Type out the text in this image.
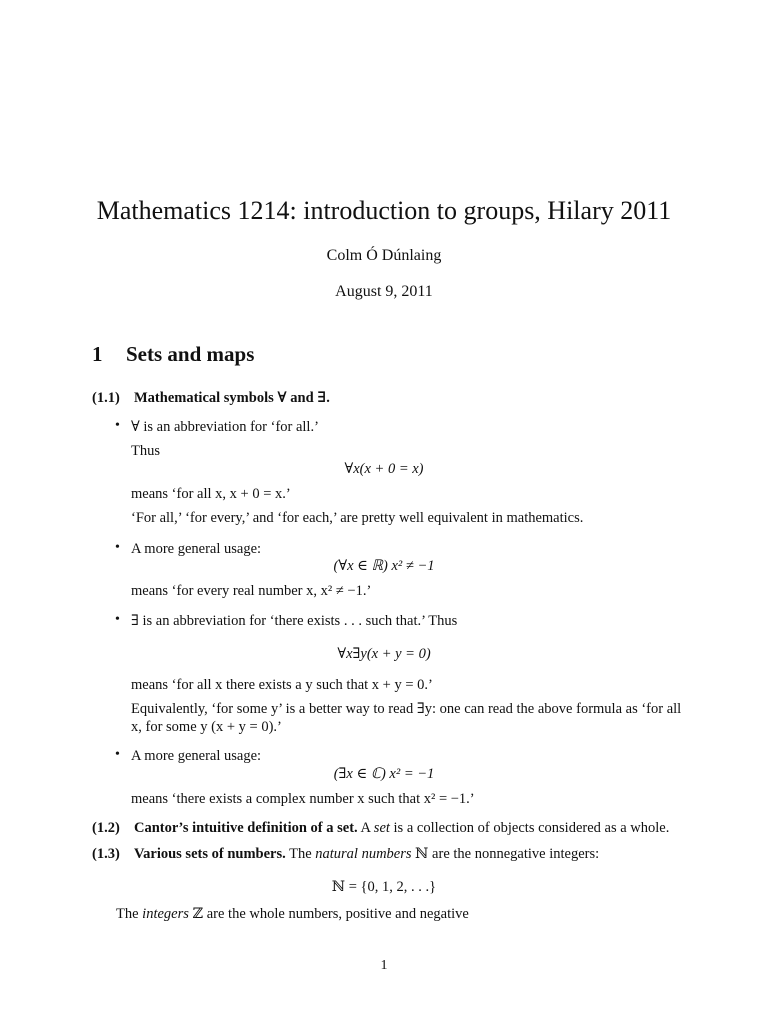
Mathematics 1214: introduction to groups, Hilary 2011
Colm Ó Dúnlaing
August 9, 2011
1 Sets and maps
(1.1) Mathematical symbols ∀ and ∃.
• ∀ is an abbreviation for ‘for all.’
Thus
∀x(x + 0 = x)
means ‘for all x, x + 0 = x.’
‘For all,’ ‘for every,’ and ‘for each,’ are pretty well equivalent in mathematics.
• A more general usage:
(∀x ∈ ℝ) x² ≠ −1
means ‘for every real number x, x² ≠ −1.’
• ∃ is an abbreviation for ‘there exists . . . such that.’ Thus
∀x∃y(x + y = 0)
means ‘for all x there exists a y such that x + y = 0.’
Equivalently, ‘for some y’ is a better way to read ∃y: one can read the above formula as ‘for all
x, for some y (x + y = 0).’
• A more general usage:
(∃x ∈ ℂ) x² = −1
means ‘there exists a complex number x such that x² = −1.’
(1.2) Cantor’s intuitive definition of a set. A set is a collection of objects considered as a whole.
(1.3) Various sets of numbers. The natural numbers ℕ are the nonnegative integers:
ℕ = {0, 1, 2, . . .}
The integers ℤ are the whole numbers, positive and negative
1
